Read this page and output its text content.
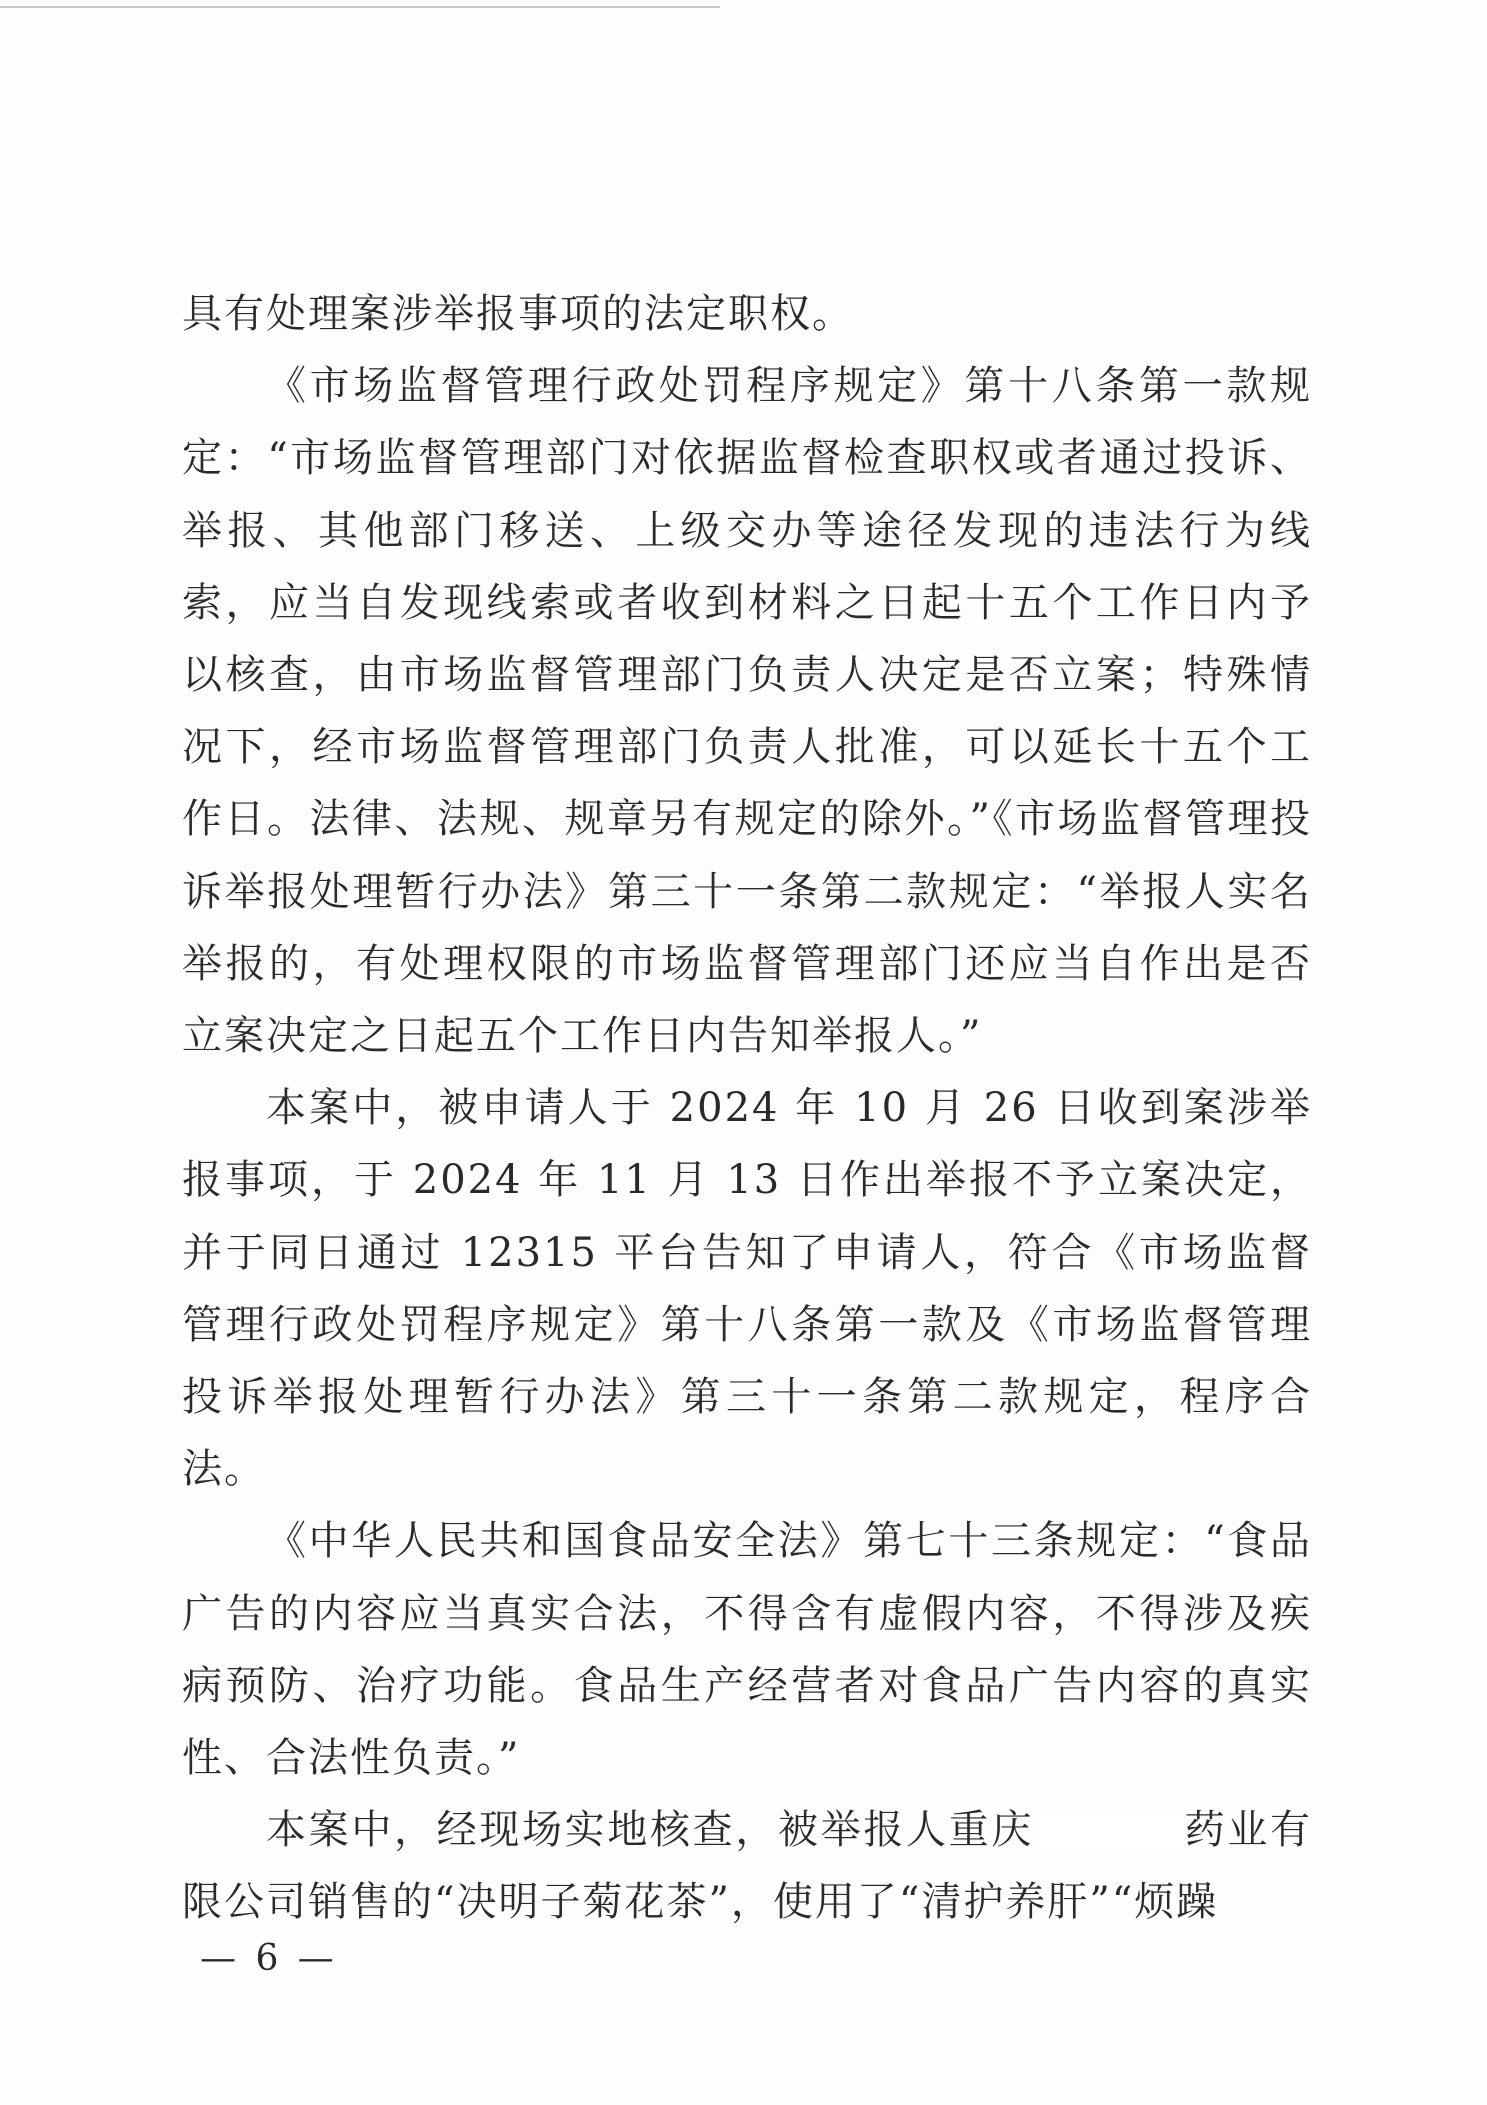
具有处理案涉举报事项的法定职权。

《市场监督管理行政处罚程序规定》第十八条第一款规定：“市场监督管理部门对依据监督检查职权或者通过投诉、举报、其他部门移送、上级交办等途径发现的违法行为线索，应当自发现线索或者收到材料之日起十五个工作日内予以核查，由市场监督管理部门负责人决定是否立案；特殊情况下，经市场监督管理部门负责人批准，可以延长十五个工作日。法律、法规、规章另有规定的除外。”《市场监督管理投诉举报处理暂行办法》第三十一条第二款规定：“举报人实名举报的，有处理权限的市场监督管理部门还应当自作出是否立案决定之日起五个工作日内告知举报人。”

本案中，被申请人于 2024 年 10 月 26 日收到案涉举报事项，于 2024 年 11 月 13 日作出举报不予立案决定，并于同日通过 12315 平台告知了申请人，符合《市场监督管理行政处罚程序规定》第十八条第一款及《市场监督管理投诉举报处理暂行办法》第三十一条第二款规定，程序合法。

《中华人民共和国食品安全法》第七十三条规定：“食品广告的内容应当真实合法，不得含有虚假内容，不得涉及疾病预防、治疗功能。食品生产经营者对食品广告内容的真实性、合法性负责。”

本案中，经现场实地核查，被举报人重庆	药业有限公司销售的“决明子菊花茶”，使用了“清护养肝”“烦躁

— 6 —
